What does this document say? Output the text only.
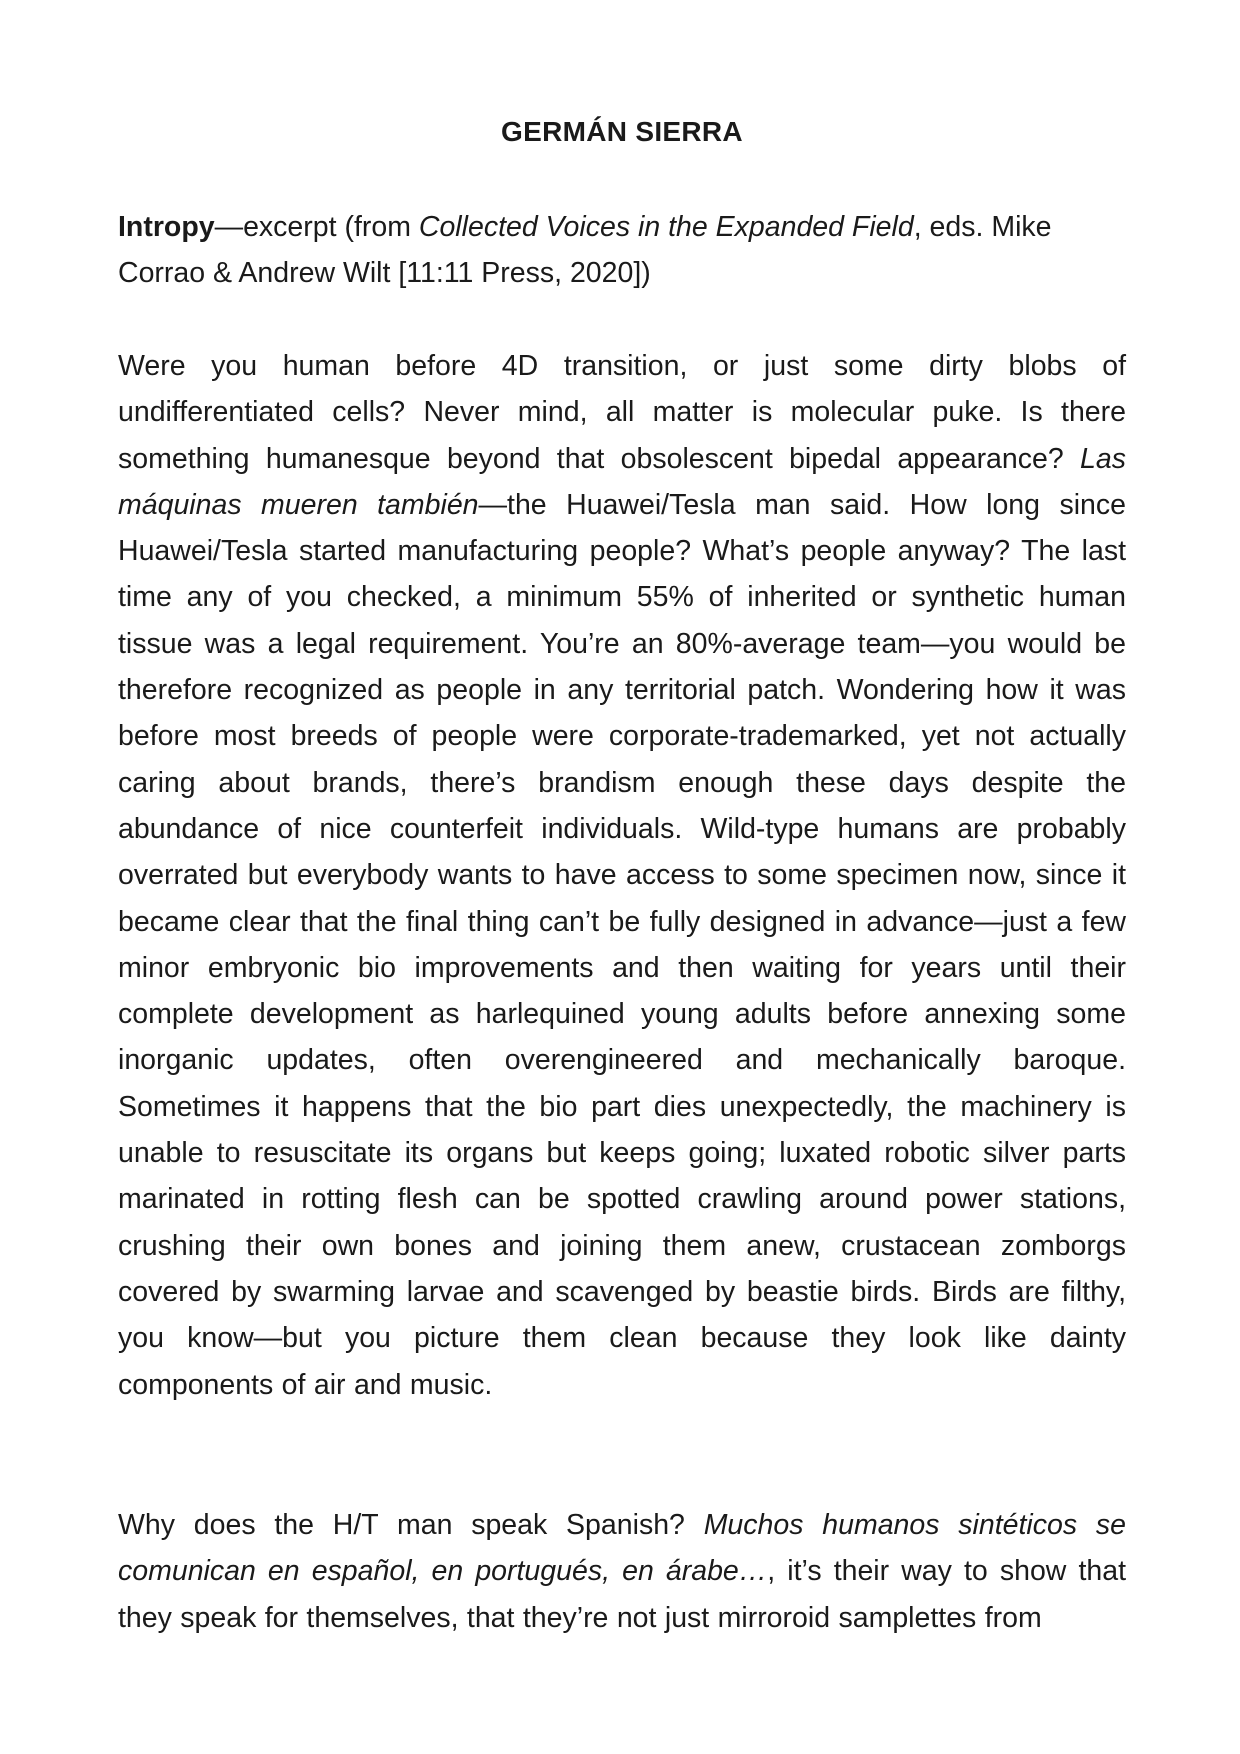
GERMÁN SIERRA

Intropy—excerpt (from Collected Voices in the Expanded Field, eds. Mike Corrao & Andrew Wilt [11:11 Press, 2020])

Were you human before 4D transition, or just some dirty blobs of undifferentiated cells? Never mind, all matter is molecular puke. Is there something humanesque beyond that obsolescent bipedal appearance? Las máquinas mueren también—the Huawei/Tesla man said. How long since Huawei/Tesla started manufacturing people? What’s people anyway? The last time any of you checked, a minimum 55% of inherited or synthetic human tissue was a legal requirement. You’re an 80%-average team—you would be therefore recognized as people in any territorial patch. Wondering how it was before most breeds of people were corporate-trademarked, yet not actually caring about brands, there’s brandism enough these days despite the abundance of nice counterfeit individuals. Wild-type humans are probably overrated but everybody wants to have access to some specimen now, since it became clear that the final thing can’t be fully designed in advance—just a few minor embryonic bio improvements and then waiting for years until their complete development as harlequined young adults before annexing some inorganic updates, often overengineered and mechanically baroque. Sometimes it happens that the bio part dies unexpectedly, the machinery is unable to resuscitate its organs but keeps going; luxated robotic silver parts marinated in rotting flesh can be spotted crawling around power stations, crushing their own bones and joining them anew, crustacean zomborgs covered by swarming larvae and scavenged by beastie birds. Birds are filthy, you know—but you picture them clean because they look like dainty components of air and music.

Why does the H/T man speak Spanish? Muchos humanos sintéticos se comunican en español, en portugués, en árabe…, it’s their way to show that they speak for themselves, that they’re not just mirroroid samplettes from
